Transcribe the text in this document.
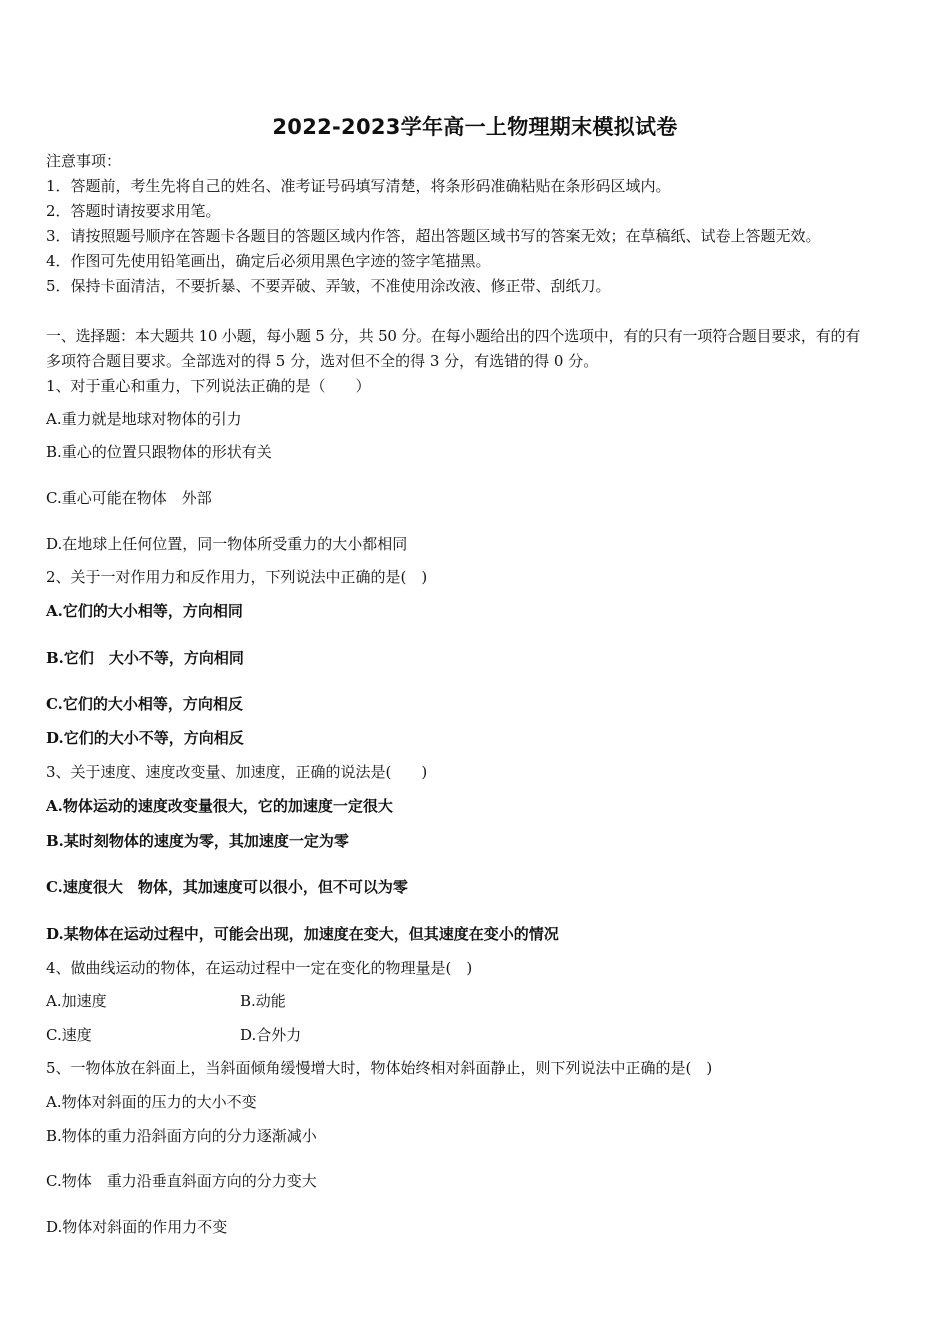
2022-2023学年高一上物理期末模拟试卷
注意事项：
1．答题前，考生先将自己的姓名、准考证号码填写清楚，将条形码准确粘贴在条形码区域内。
2．答题时请按要求用笔。
3．请按照题号顺序在答题卡各题目的答题区域内作答，超出答题区域书写的答案无效；在草稿纸、试卷上答题无效。
4．作图可先使用铅笔画出，确定后必须用黑色字迹的签字笔描黑。
5．保持卡面清洁，不要折暴、不要弄破、弄皱，不准使用涂改液、修正带、刮纸刀。
一、选择题：本大题共 10 小题，每小题 5 分，共 50 分。在每小题给出的四个选项中，有的只有一项符合题目要求，有的有
多项符合题目要求。全部选对的得 5 分，选对但不全的得 3 分，有选错的得 0 分。
1、对于重心和重力，下列说法正确的是（　　）
A.重力就是地球对物体的引力
B.重心的位置只跟物体的形状有关
C.重心可能在物体　外部
D.在地球上任何位置，同一物体所受重力的大小都相同
2、关于一对作用力和反作用力，下列说法中正确的是(　)
A.它们的大小相等，方向相同
B.它们　大小不等，方向相同
C.它们的大小相等，方向相反
D.它们的大小不等，方向相反
3、关于速度、速度改变量、加速度，正确的说法是(　　)
A.物体运动的速度改变量很大，它的加速度一定很大
B.某时刻物体的速度为零，其加速度一定为零
C.速度很大　物体，其加速度可以很小，但不可以为零
D.某物体在运动过程中，可能会出现，加速度在变大，但其速度在变小的情况
4、做曲线运动的物体，在运动过程中一定在变化的物理量是(　)
A.加速度	B.动能
C.速度	D.合外力
5、一物体放在斜面上，当斜面倾角缓慢增大时，物体始终相对斜面静止，则下列说法中正确的是(　)
A.物体对斜面的压力的大小不变
B.物体的重力沿斜面方向的分力逐渐减小
C.物体　重力沿垂直斜面方向的分力变大
D.物体对斜面的作用力不变
